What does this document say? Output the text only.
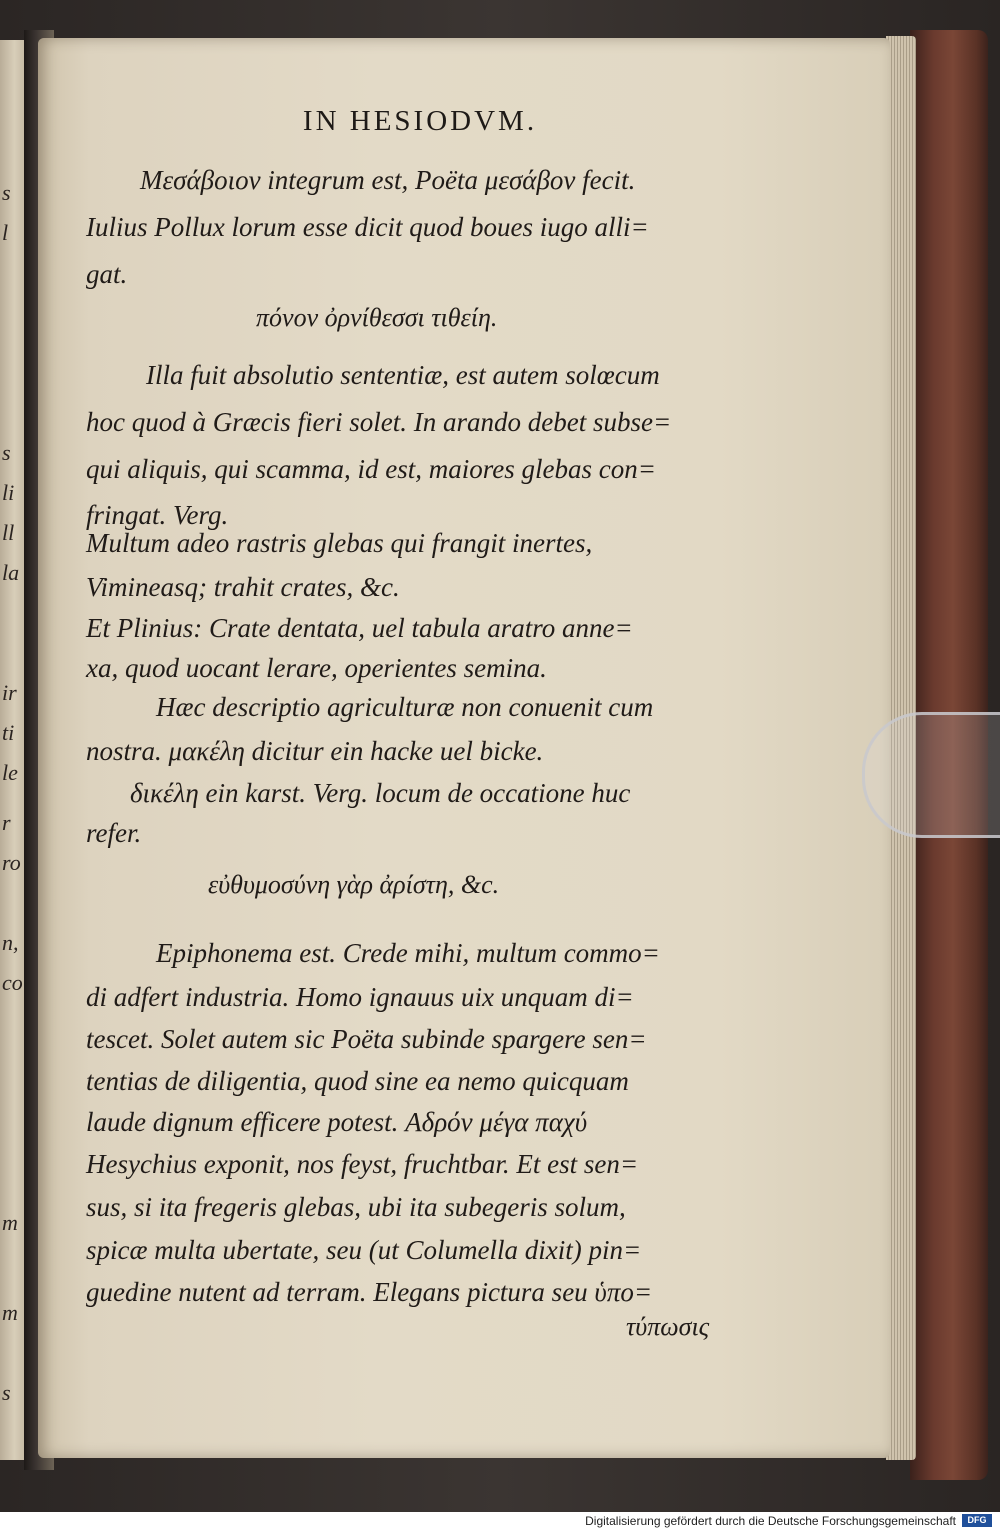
s
l
s
li
ll
la
ir
ti
le
r
ro
n,
co
m
m
s
IN HESIODVM.
Μεσάβοιον integrum est, Poëta μεσάβον fecit.
Iulius Pollux lorum esse dicit quod boues iugo alli=
gat.
πόνον ὀρνίθεσσι τιθείη.
Illa fuit absolutio sententiæ, est autem solœcum
hoc quod à Græcis fieri solet. In arando debet subse=
qui aliquis, qui scamma, id est, maiores glebas con=
fringat. Verg.
Multum adeo rastris glebas qui frangit inertes,
Vimineasq; trahit crates, &c.
Et Plinius: Crate dentata, uel tabula aratro anne=
xa, quod uocant lerare, operientes semina.
Hæc descriptio agriculturæ non conuenit cum
nostra. μακέλη dicitur ein hacke uel bicke.
δικέλη ein karst. Verg. locum de occatione huc
refer.
εὐθυμοσύνη γὰρ ἀρίστη, &c.
Epiphonema est. Crede mihi, multum commo=
di adfert industria. Homo ignauus uix unquam di=
tescet. Solet autem sic Poëta subinde spargere sen=
tentias de diligentia, quod sine ea nemo quicquam
laude dignum efficere potest. Αδρόν μέγα παχύ
Hesychius exponit, nos feyst, fruchtbar. Et est sen=
sus, si ita fregeris glebas, ubi ita subegeris solum,
spicæ multa ubertate, seu (ut Columella dixit) pin=
guedine nutent ad terram. Elegans pictura seu ὑπο=
τύπωσις
Digitalisierung gefördert durch die Deutsche Forschungsgemeinschaft	DFG
